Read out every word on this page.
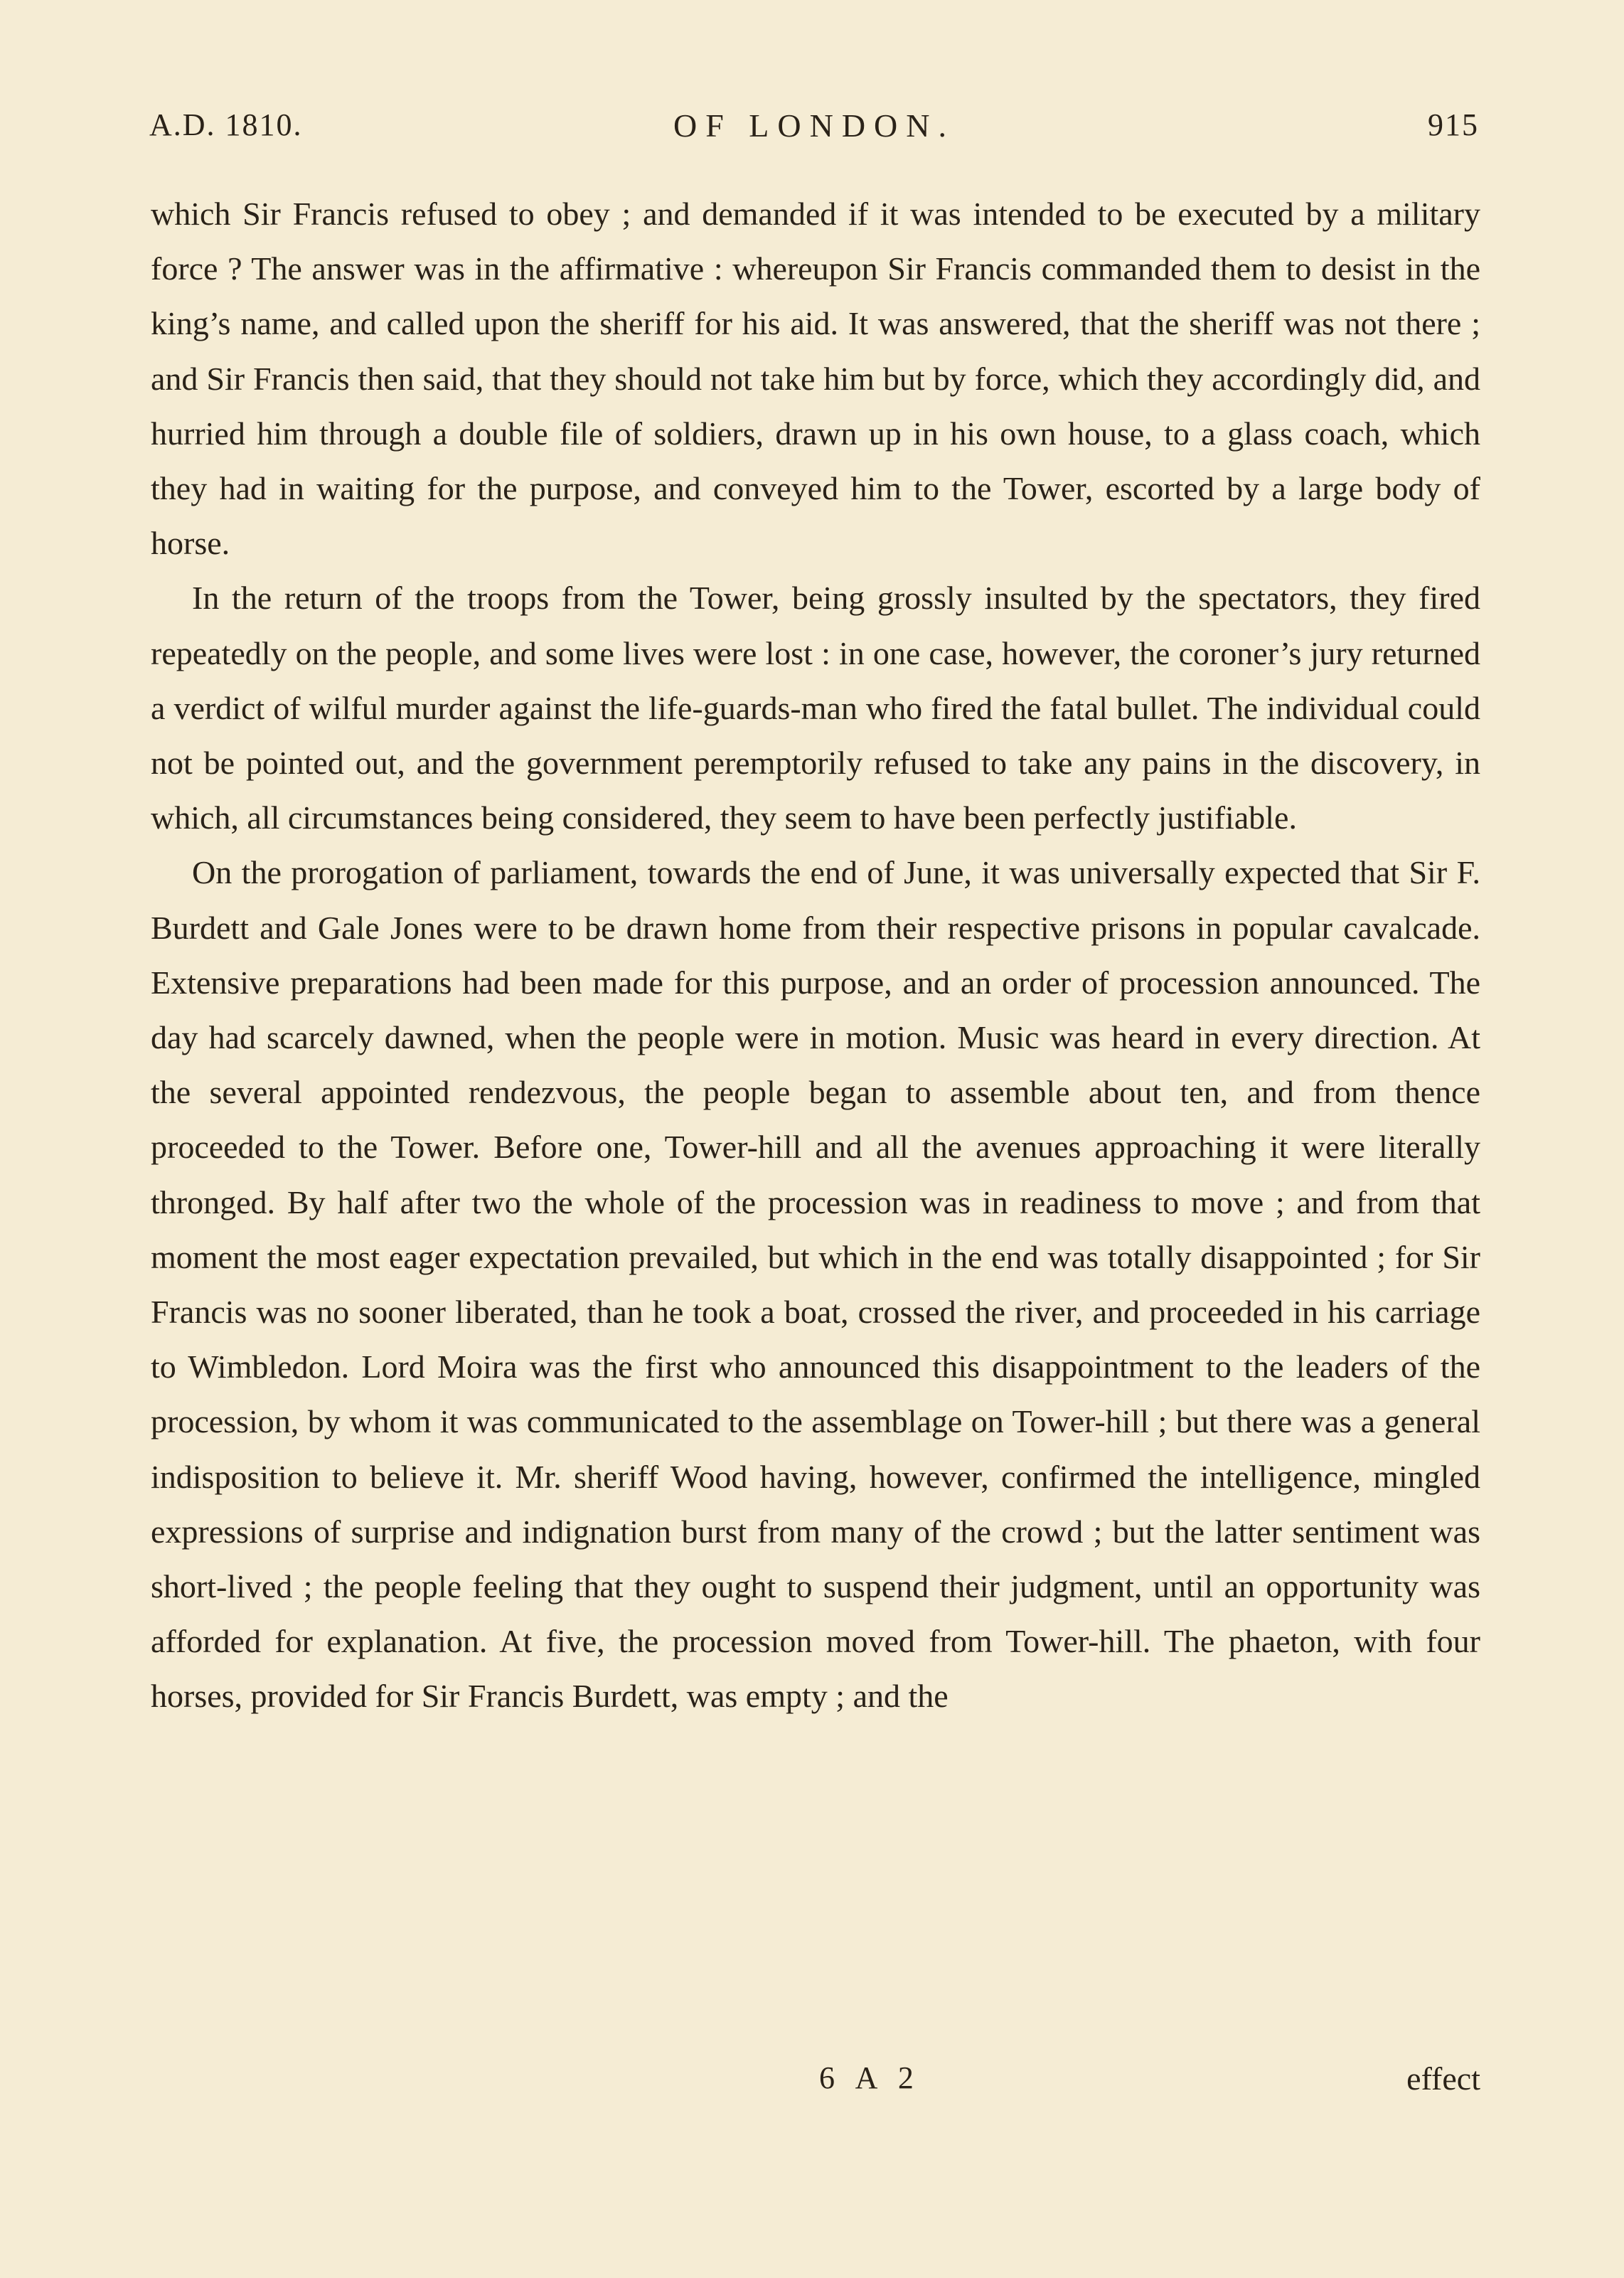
A.D. 1810.	OF LONDON.	915

which Sir Francis refused to obey ; and demanded if it was intended to be executed by a military force ? The answer was in the affirmative : whereupon Sir Francis commanded them to desist in the king’s name, and called upon the sheriff for his aid. It was answered, that the sheriff was not there ; and Sir Francis then said, that they should not take him but by force, which they accordingly did, and hurried him through a double file of soldiers, drawn up in his own house, to a glass coach, which they had in waiting for the purpose, and conveyed him to the Tower, escorted by a large body of horse.

In the return of the troops from the Tower, being grossly insulted by the spectators, they fired repeatedly on the people, and some lives were lost : in one case, however, the coroner’s jury returned a verdict of wilful murder against the life-guards-man who fired the fatal bullet. The individual could not be pointed out, and the government peremptorily refused to take any pains in the discovery, in which, all circumstances being considered, they seem to have been perfectly justifiable.

On the prorogation of parliament, towards the end of June, it was universally expected that Sir F. Burdett and Gale Jones were to be drawn home from their respective prisons in popular cavalcade. Extensive preparations had been made for this purpose, and an order of procession announced. The day had scarcely dawned, when the people were in motion. Music was heard in every direction. At the several appointed rendezvous, the people began to assemble about ten, and from thence proceeded to the Tower. Before one, Tower-hill and all the avenues approaching it were literally thronged. By half after two the whole of the procession was in readiness to move ; and from that moment the most eager expectation prevailed, but which in the end was totally disappointed ; for Sir Francis was no sooner liberated, than he took a boat, crossed the river, and proceeded in his carriage to Wimbledon. Lord Moira was the first who announced this disappointment to the leaders of the procession, by whom it was communicated to the assemblage on Tower-hill ; but there was a general indisposition to believe it. Mr. sheriff Wood having, however, confirmed the intelligence, mingled expressions of surprise and indignation burst from many of the crowd ; but the latter sentiment was short-lived ; the people feeling that they ought to suspend their judgment, until an opportunity was afforded for explanation. At five, the procession moved from Tower-hill. The phaeton, with four horses, provided for Sir Francis Burdett, was empty ; and the

6 A 2	effect
